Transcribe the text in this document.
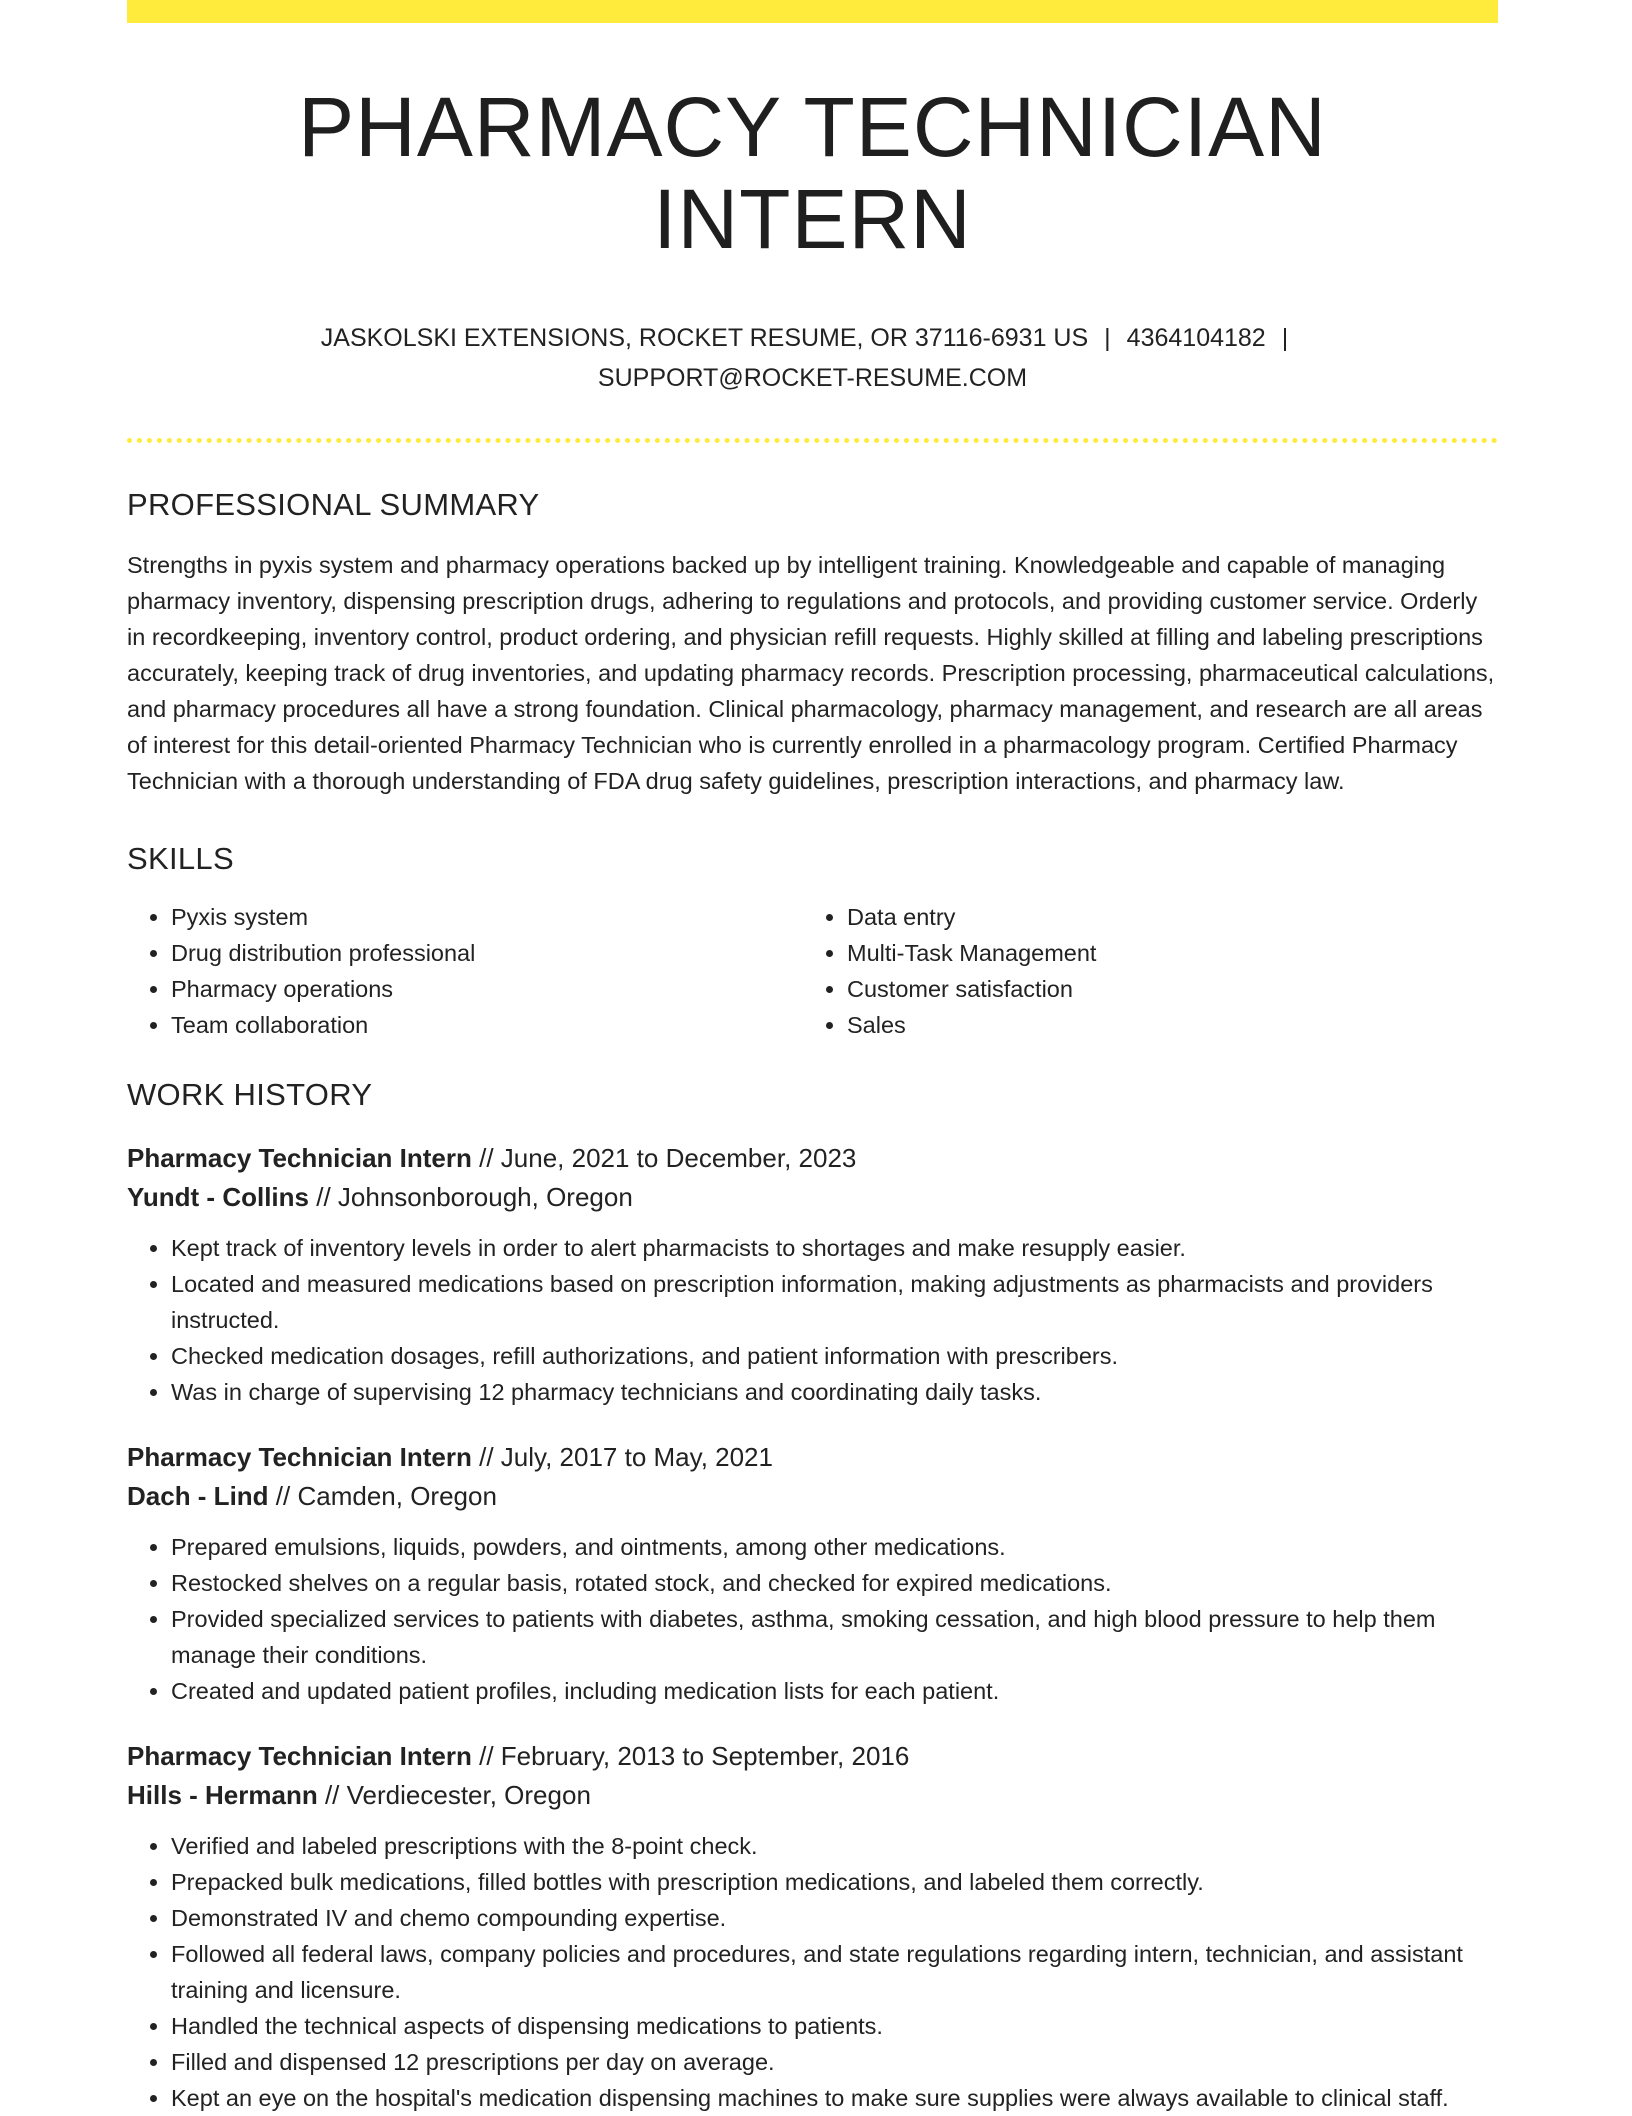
PHARMACY TECHNICIAN INTERN
JASKOLSKI EXTENSIONS, ROCKET RESUME, OR 37116-6931 US | 4364104182 |
SUPPORT@ROCKET-RESUME.COM
PROFESSIONAL SUMMARY

Strengths in pyxis system and pharmacy operations backed up by intelligent training. Knowledgeable and capable of managing pharmacy inventory, dispensing prescription drugs, adhering to regulations and protocols, and providing customer service. Orderly in recordkeeping, inventory control, product ordering, and physician refill requests. Highly skilled at filling and labeling prescriptions accurately, keeping track of drug inventories, and updating pharmacy records. Prescription processing, pharmaceutical calculations, and pharmacy procedures all have a strong foundation. Clinical pharmacology, pharmacy management, and research are all areas of interest for this detail-oriented Pharmacy Technician who is currently enrolled in a pharmacology program. Certified Pharmacy Technician with a thorough understanding of FDA drug safety guidelines, prescription interactions, and pharmacy law.

SKILLS
• Pyxis system
• Drug distribution professional
• Pharmacy operations
• Team collaboration
• Data entry
• Multi-Task Management
• Customer satisfaction
• Sales
WORK HISTORY
Pharmacy Technician Intern // June, 2021 to December, 2023
Yundt - Collins // Johnsonborough, Oregon
• Kept track of inventory levels in order to alert pharmacists to shortages and make resupply easier.
• Located and measured medications based on prescription information, making adjustments as pharmacists and providers instructed.
• Checked medication dosages, refill authorizations, and patient information with prescribers.
• Was in charge of supervising 12 pharmacy technicians and coordinating daily tasks.
Pharmacy Technician Intern // July, 2017 to May, 2021
Dach - Lind // Camden, Oregon
• Prepared emulsions, liquids, powders, and ointments, among other medications.
• Restocked shelves on a regular basis, rotated stock, and checked for expired medications.
• Provided specialized services to patients with diabetes, asthma, smoking cessation, and high blood pressure to help them manage their conditions.
• Created and updated patient profiles, including medication lists for each patient.
Pharmacy Technician Intern // February, 2013 to September, 2016
Hills - Hermann // Verdiecester, Oregon
• Verified and labeled prescriptions with the 8-point check.
• Prepacked bulk medications, filled bottles with prescription medications, and labeled them correctly.
• Demonstrated IV and chemo compounding expertise.
• Followed all federal laws, company policies and procedures, and state regulations regarding intern, technician, and assistant training and licensure.
• Handled the technical aspects of dispensing medications to patients.
• Filled and dispensed 12 prescriptions per day on average.
• Kept an eye on the hospital's medication dispensing machines to make sure supplies were always available to clinical staff.
